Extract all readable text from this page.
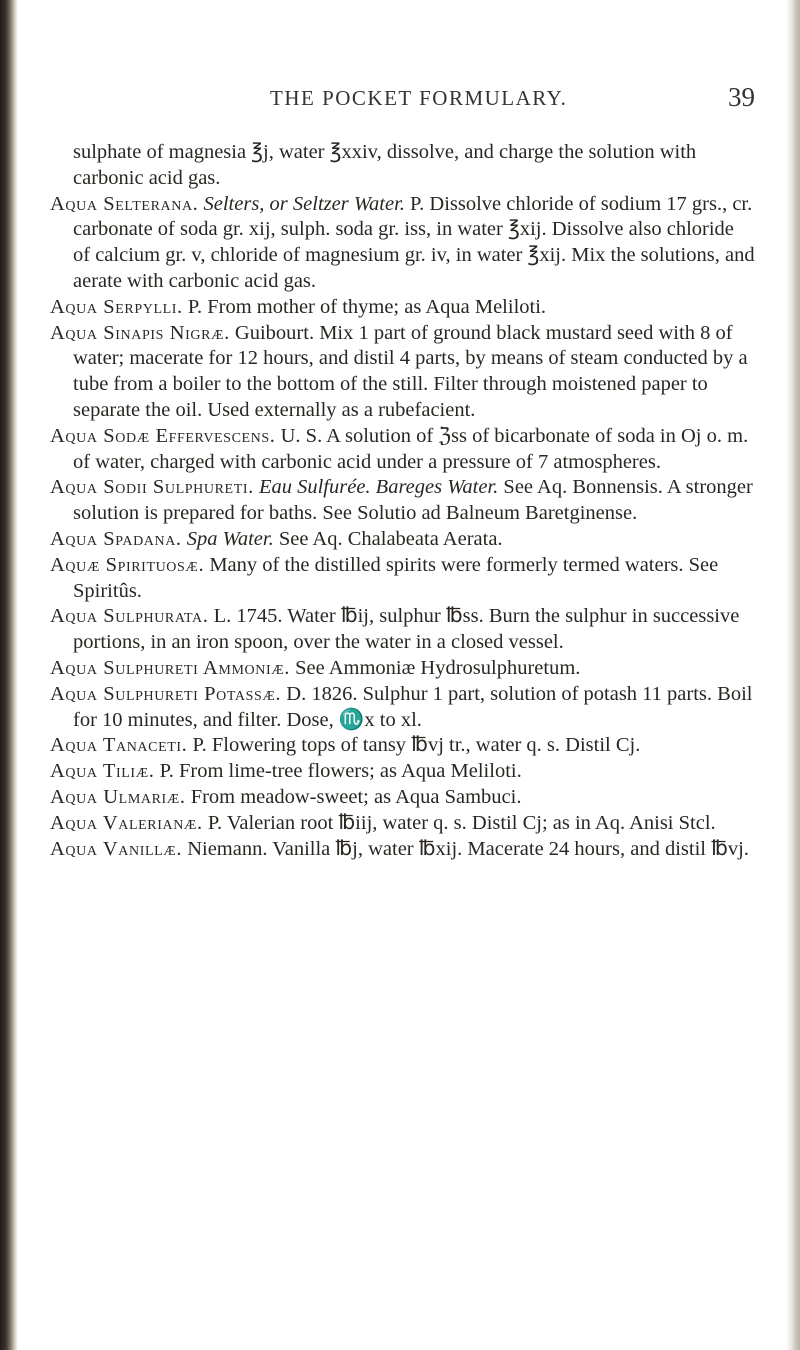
THE POCKET FORMULARY.	39
sulphate of magnesia ℥j, water ℥xxiv, dissolve, and charge the solution with carbonic acid gas.
Aqua Selterana. Selters, or Seltzer Water. P. Dissolve chloride of sodium 17 grs., cr. carbonate of soda gr. xij, sulph. soda gr. iss, in water ℥xij. Dissolve also chloride of calcium gr. v, chloride of magnesium gr. iv, in water ℥xij. Mix the solutions, and aerate with carbonic acid gas.
Aqua Serpylli. P. From mother of thyme; as Aqua Meliloti.
Aqua Sinapis Nigræ. Guibourt. Mix 1 part of ground black mustard seed with 8 of water; macerate for 12 hours, and distil 4 parts, by means of steam conducted by a tube from a boiler to the bottom of the still. Filter through moistened paper to separate the oil. Used externally as a rubefacient.
Aqua Sodæ Effervescens. U. S. A solution of ℨss of bicarbonate of soda in Oj o. m. of water, charged with carbonic acid under a pressure of 7 atmospheres.
Aqua Sodii Sulphureti. Eau Sulfurée. Bareges Water. See Aq. Bonnensis. A stronger solution is prepared for baths. See Solutio ad Balneum Baretginense.
Aqua Spadana. Spa Water. See Aq. Chalabeata Aerata.
Aquæ Spirituosæ. Many of the distilled spirits were formerly termed waters. See Spiritûs.
Aqua Sulphurata. L. 1745. Water ℔ij, sulphur ℔ss. Burn the sulphur in successive portions, in an iron spoon, over the water in a closed vessel.
Aqua Sulphureti Ammoniæ. See Ammoniæ Hydrosulphuretum.
Aqua Sulphureti Potassæ. D. 1826. Sulphur 1 part, solution of potash 11 parts. Boil for 10 minutes, and filter. Dose, ♏x to xl.
Aqua Tanaceti. P. Flowering tops of tansy ℔vj tr., water q. s. Distil Cj.
Aqua Tiliæ. P. From lime-tree flowers; as Aqua Meliloti.
Aqua Ulmariæ. From meadow-sweet; as Aqua Sambuci.
Aqua Valerianæ. P. Valerian root ℔iij, water q. s. Distil Cj; as in Aq. Anisi Stcl.
Aqua Vanillæ. Niemann. Vanilla ℔j, water ℔xij. Macerate 24 hours, and distil ℔vj.
